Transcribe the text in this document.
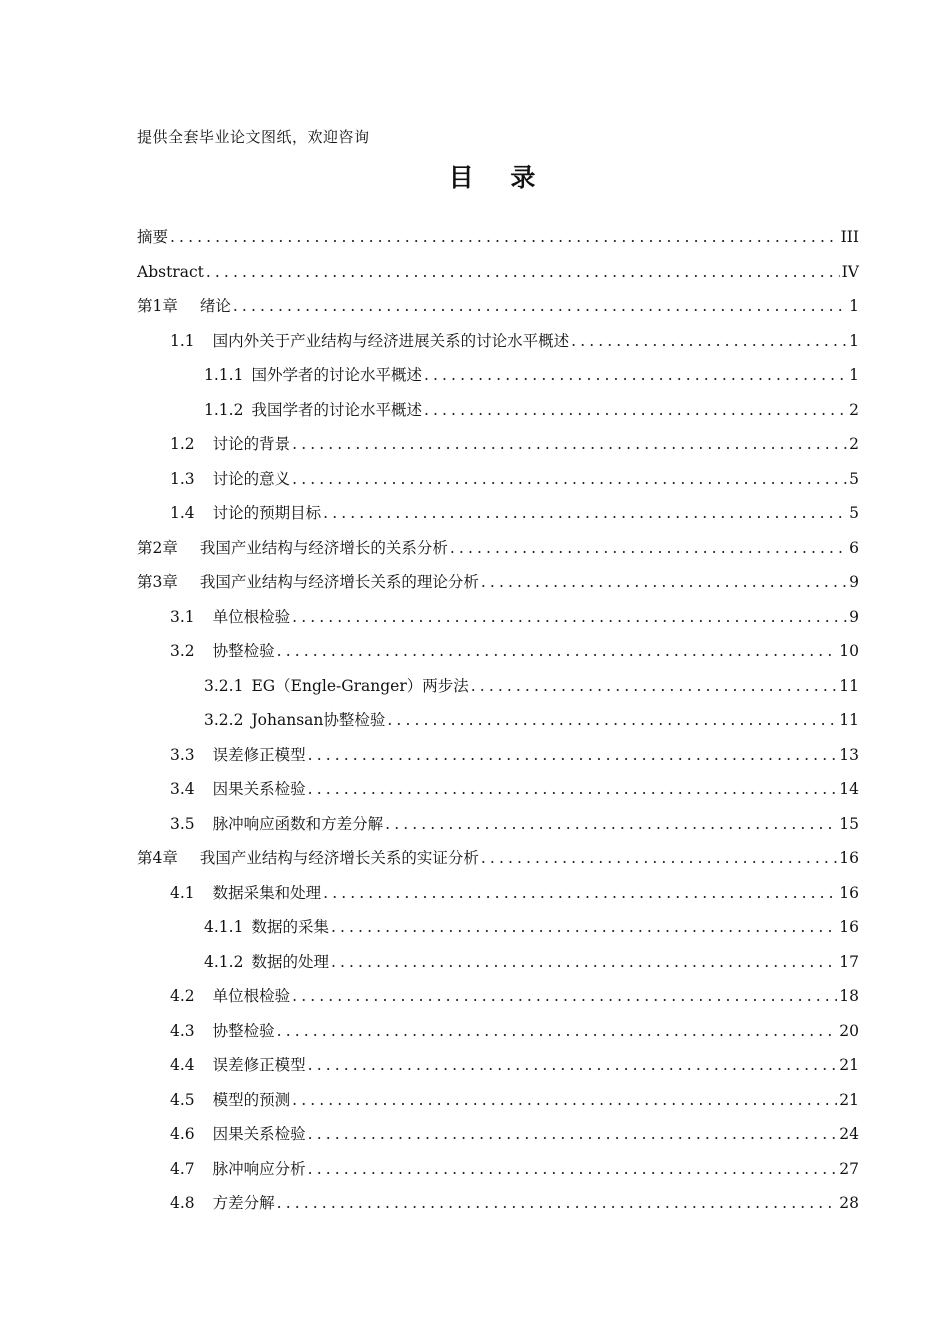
提供全套毕业论文图纸，欢迎咨询
目 录
摘要 .....	III
Abstract .....	IV
第1章 绪论 .....	1
1.1 国内外关于产业结构与经济进展关系的讨论水平概述 .....	1
1.1.1 国外学者的讨论水平概述 .....	1
1.1.2 我国学者的讨论水平概述 .....	2
1.2 讨论的背景 .....	2
1.3 讨论的意义 .....	5
1.4 讨论的预期目标 .....	5
第2章 我国产业结构与经济增长的关系分析 .....	6
第3章 我国产业结构与经济增长关系的理论分析 .....	9
3.1 单位根检验 .....	9
3.2 协整检验 .....	10
3.2.1 EG（Engle-Granger）两步法 .....	11
3.2.2 Johansan协整检验 .....	11
3.3 误差修正模型 .....	13
3.4 因果关系检验 .....	14
3.5 脉冲响应函数和方差分解 .....	15
第4章 我国产业结构与经济增长关系的实证分析 .....	16
4.1 数据采集和处理 .....	16
4.1.1 数据的采集 .....	16
4.1.2 数据的处理 .....	17
4.2 单位根检验 .....	18
4.3 协整检验 .....	20
4.4 误差修正模型 .....	21
4.5 模型的预测 .....	21
4.6 因果关系检验 .....	24
4.7 脉冲响应分析 .....	27
4.8 方差分解 .....	28
